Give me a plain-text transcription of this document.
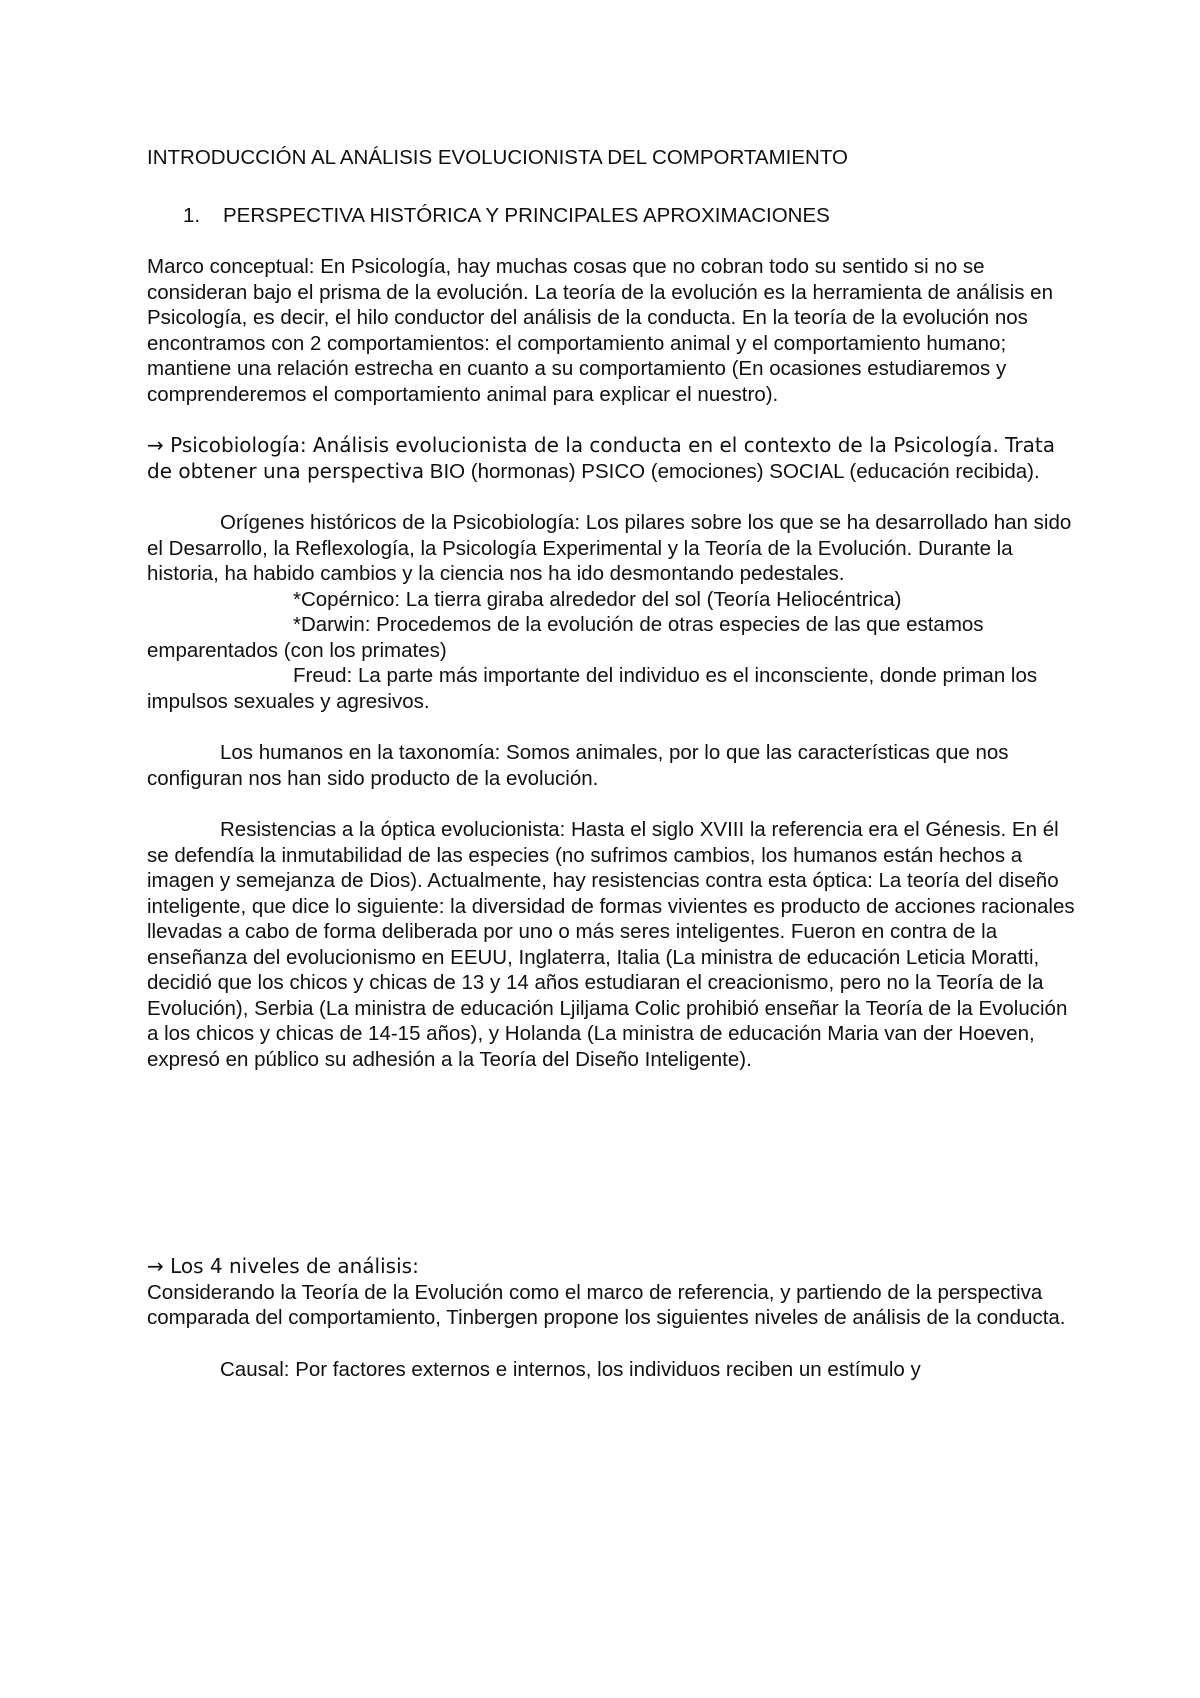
INTRODUCCIÓN AL ANÁLISIS EVOLUCIONISTA DEL COMPORTAMIENTO

1.	PERSPECTIVA HISTÓRICA Y PRINCIPALES APROXIMACIONES

Marco conceptual: En Psicología, hay muchas cosas que no cobran todo su sentido si no se consideran bajo el prisma de la evolución. La teoría de la evolución es la herramienta de análisis en Psicología, es decir, el hilo conductor del análisis de la conducta. En la teoría de la evolución nos encontramos con 2 comportamientos: el comportamiento animal y el comportamiento humano; mantiene una relación estrecha en cuanto a su comportamiento (En ocasiones estudiaremos y comprenderemos el comportamiento animal para explicar el nuestro).

→ Psicobiología: Análisis evolucionista de la conducta en el contexto de la Psicología. Trata de obtener una perspectiva BIO (hormonas) PSICO (emociones) SOCIAL (educación recibida).

Orígenes históricos de la Psicobiología: Los pilares sobre los que se ha desarrollado han sido el Desarrollo, la Reflexología, la Psicología Experimental y la Teoría de la Evolución. Durante la historia, ha habido cambios y la ciencia nos ha ido desmontando pedestales.

*Copérnico: La tierra giraba alrededor del sol (Teoría Heliocéntrica)

*Darwin: Procedemos de la evolución de otras especies de las que estamos emparentados (con los primates)

Freud: La parte más importante del individuo es el inconsciente, donde priman los impulsos sexuales y agresivos.

Los humanos en la taxonomía: Somos animales, por lo que las características que nos configuran nos han sido producto de la evolución.

Resistencias a la óptica evolucionista: Hasta el siglo XVIII la referencia era el Génesis. En él se defendía la inmutabilidad de las especies (no sufrimos cambios, los humanos están hechos a imagen y semejanza de Dios). Actualmente, hay resistencias contra esta óptica: La teoría del diseño inteligente, que dice lo siguiente: la diversidad de formas vivientes es producto de acciones racionales llevadas a cabo de forma deliberada por uno o más seres inteligentes. Fueron en contra de la enseñanza del evolucionismo en EEUU, Inglaterra, Italia (La ministra de educación Leticia Moratti, decidió que los chicos y chicas de 13 y 14 años estudiaran el creacionismo, pero no la Teoría de la Evolución), Serbia (La ministra de educación Ljiljama Colic prohibió enseñar la Teoría de la Evolución a los chicos y chicas de 14-15 años), y Holanda (La ministra de educación Maria van der Hoeven, expresó en público su adhesión a la Teoría del Diseño Inteligente).

→ Los 4 niveles de análisis:

Considerando la Teoría de la Evolución como el marco de referencia, y partiendo de la perspectiva comparada del comportamiento, Tinbergen propone los siguientes niveles de análisis de la conducta.

Causal: Por factores externos e internos, los individuos reciben un estímulo y
